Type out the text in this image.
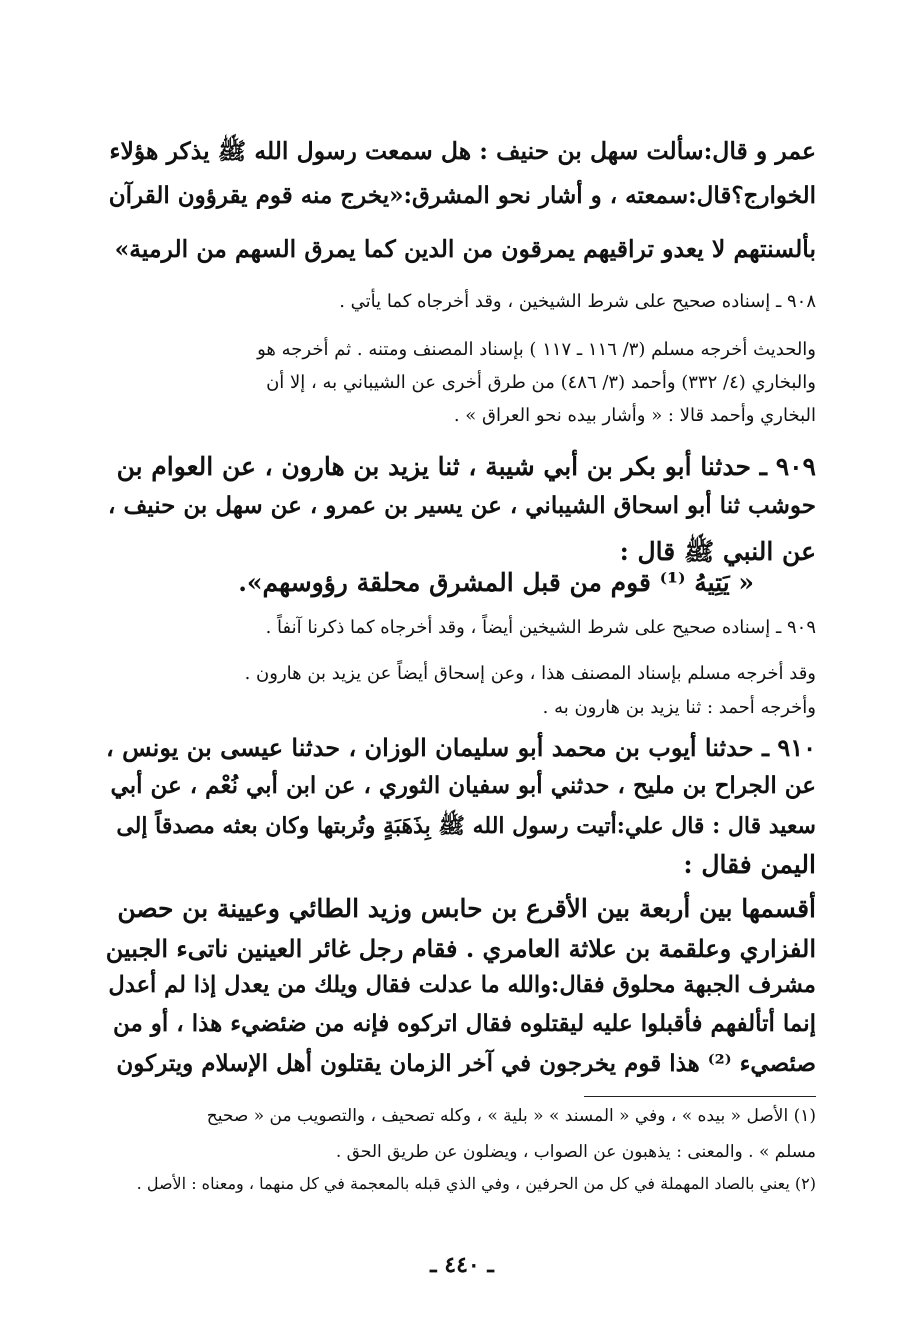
عمر و قال:سألت سهل بن حنيف : هل سمعت رسول الله ﷺ يذكر هؤلاء
الخوارج؟قال:سمعته ، و أشار نحو المشرق:«يخرج منه قوم يقرؤون القرآن
بألسنتهم لا يعدو تراقيهم يمرقون من الدين كما يمرق السهم من الرمية»
٩٠٨ ـ إسناده صحيح على شرط الشيخين ، وقد أخرجاه كما يأتي .
والحديث أخرجه مسلم (٣/ ١١٦ ـ ١١٧ ) بإسناد المصنف ومتنه . ثم أخرجه هو
والبخاري (٤/ ٣٣٢) وأحمد (٣/ ٤٨٦) من طرق أخرى عن الشيباني به ، إلا أن
البخاري وأحمد قالا : « وأشار بيده نحو العراق » .
٩٠٩ ـ حدثنا أبو بكر بن أبي شيبة ، ثنا يزيد بن هارون ، عن العوام بن
حوشب ثنا أبو اسحاق الشيباني ، عن يسير بن عمرو ، عن سهل بن حنيف ،
عن النبي ﷺ قال :
« يَتِيهُ ⁽¹⁾ قوم من قبل المشرق محلقة رؤوسهم».
٩٠٩ ـ إسناده صحيح على شرط الشيخين أيضاً ، وقد أخرجاه كما ذكرنا آنفاً .
وقد أخرجه مسلم بإسناد المصنف هذا ، وعن إسحاق أيضاً عن يزيد بن هارون .
وأخرجه أحمد : ثنا يزيد بن هارون به .
٩١٠ ـ حدثنا أيوب بن محمد أبو سليمان الوزان ، حدثنا عيسى بن يونس ،
عن الجراح بن مليح ، حدثني أبو سفيان الثوري ، عن ابن أبي نُعْم ، عن أبي
سعيد قال : قال علي:أتيت رسول الله ﷺ بِذَهَبَةٍ وتُربتها وكان بعثه مصدقاً إلى
اليمن فقال :
أقسمها بين أربعة بين الأقرع بن حابس وزيد الطائي وعيينة بن حصن
الفزاري وعلقمة بن علاثة العامري . فقام رجل غائر العينين ناتىء الجبين
مشرف الجبهة محلوق فقال:والله ما عدلت فقال ويلك من يعدل إذا لم أعدل
إنما أتألفهم فأقبلوا عليه ليقتلوه فقال اتركوه فإنه من ضئضيء هذا ، أو من
صئصيء ⁽²⁾ هذا قوم يخرجون في آخر الزمان يقتلون أهل الإسلام ويتركون
(١) الأصل « بيده » ، وفي « المسند » « بلية » ، وكله تصحيف ، والتصويب من « صحيح
مسلم » . والمعنى : يذهبون عن الصواب ، ويضلون عن طريق الحق .
(٢) يعني بالصاد المهملة في كل من الحرفين ، وفي الذي قبله بالمعجمة في كل منهما ، ومعناه : الأصل .
ـ ٤٤٠ ـ
